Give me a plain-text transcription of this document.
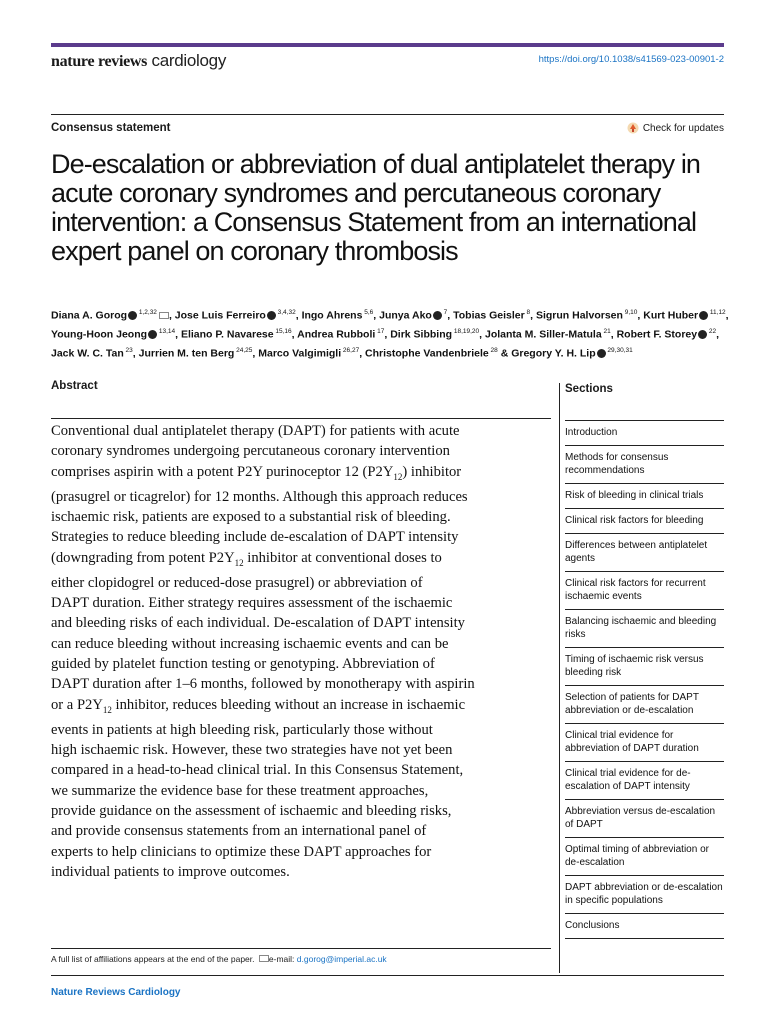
nature reviews cardiology	https://doi.org/10.1038/s41569-023-00901-2
Consensus statement	Check for updates
De-escalation or abbreviation of dual antiplatelet therapy in acute coronary syndromes and percutaneous coronary intervention: a Consensus Statement from an international expert panel on coronary thrombosis
Diana A. Gorog $^{1,2,32}$ , Jose Luis Ferreiro $^{3,4,32}$, Ingo Ahrens $^{5,6}$, Junya Ako $^7$, Tobias Geisler $^8$, Sigrun Halvorsen $^{9,10}$, Kurt Huber $^{11,12}$, Young-Hoon Jeong $^{13,14}$, Eliano P. Navarese $^{15,16}$, Andrea Rubboli $^{17}$, Dirk Sibbing $^{18,19,20}$, Jolanta M. Siller-Matula $^{21}$, Robert F. Storey $^{22}$, Jack W. C. Tan $^{23}$, Jurrien M. ten Berg $^{24,25}$, Marco Valgimigli $^{26,27}$, Christophe Vandenbriele $^{28}$ & Gregory Y. H. Lip $^{29,30,31}$
Abstract
Conventional dual antiplatelet therapy (DAPT) for patients with acute
coronary syndromes undergoing percutaneous coronary intervention
comprises aspirin with a potent P2Y purinoceptor 12 $(P2Y_{12})$ inhibitor
(prasugrel or ticagrelor) for 12 months. Although this approach reduces
ischaemic risk, patients are exposed to a substantial risk of bleeding.
Strategies to reduce bleeding include de-escalation of DAPT intensity
(downgrading from potent $P2Y_{12}$ inhibitor at conventional doses to
either clopidogrel or reduced-dose prasugrel) or abbreviation of
DAPT duration. Either strategy requires assessment of the ischaemic
and bleeding risks of each individual. De-escalation of DAPT intensity
can reduce bleeding without increasing ischaemic events and can be
guided by platelet function testing or genotyping. Abbreviation of
DAPT duration after 1–6 months, followed by monotherapy with aspirin
or a $P2Y_{12}$ inhibitor, reduces bleeding without an increase in ischaemic
events in patients at high bleeding risk, particularly those without
high ischaemic risk. However, these two strategies have not yet been
compared in a head-to-head clinical trial. In this Consensus Statement,
we summarize the evidence base for these treatment approaches,
provide guidance on the assessment of ischaemic and bleeding risks,
and provide consensus statements from an international panel of
experts to help clinicians to optimize these DAPT approaches for
individual patients to improve outcomes.
Sections
Introduction
Methods for consensus recommendations
Risk of bleeding in clinical trials
Clinical risk factors for bleeding
Differences between antiplatelet agents
Clinical risk factors for recurrent ischaemic events
Balancing ischaemic and bleeding risks
Timing of ischaemic risk versus bleeding risk
Selection of patients for DAPT abbreviation or de-escalation
Clinical trial evidence for abbreviation of DAPT duration
Clinical trial evidence for de-escalation of DAPT intensity
Abbreviation versus de-escalation of DAPT
Optimal timing of abbreviation or de-escalation
DAPT abbreviation or de-escalation in specific populations
Conclusions
A full list of affiliations appears at the end of the paper. e-mail: d.gorog@imperial.ac.uk
Nature Reviews Cardiology
